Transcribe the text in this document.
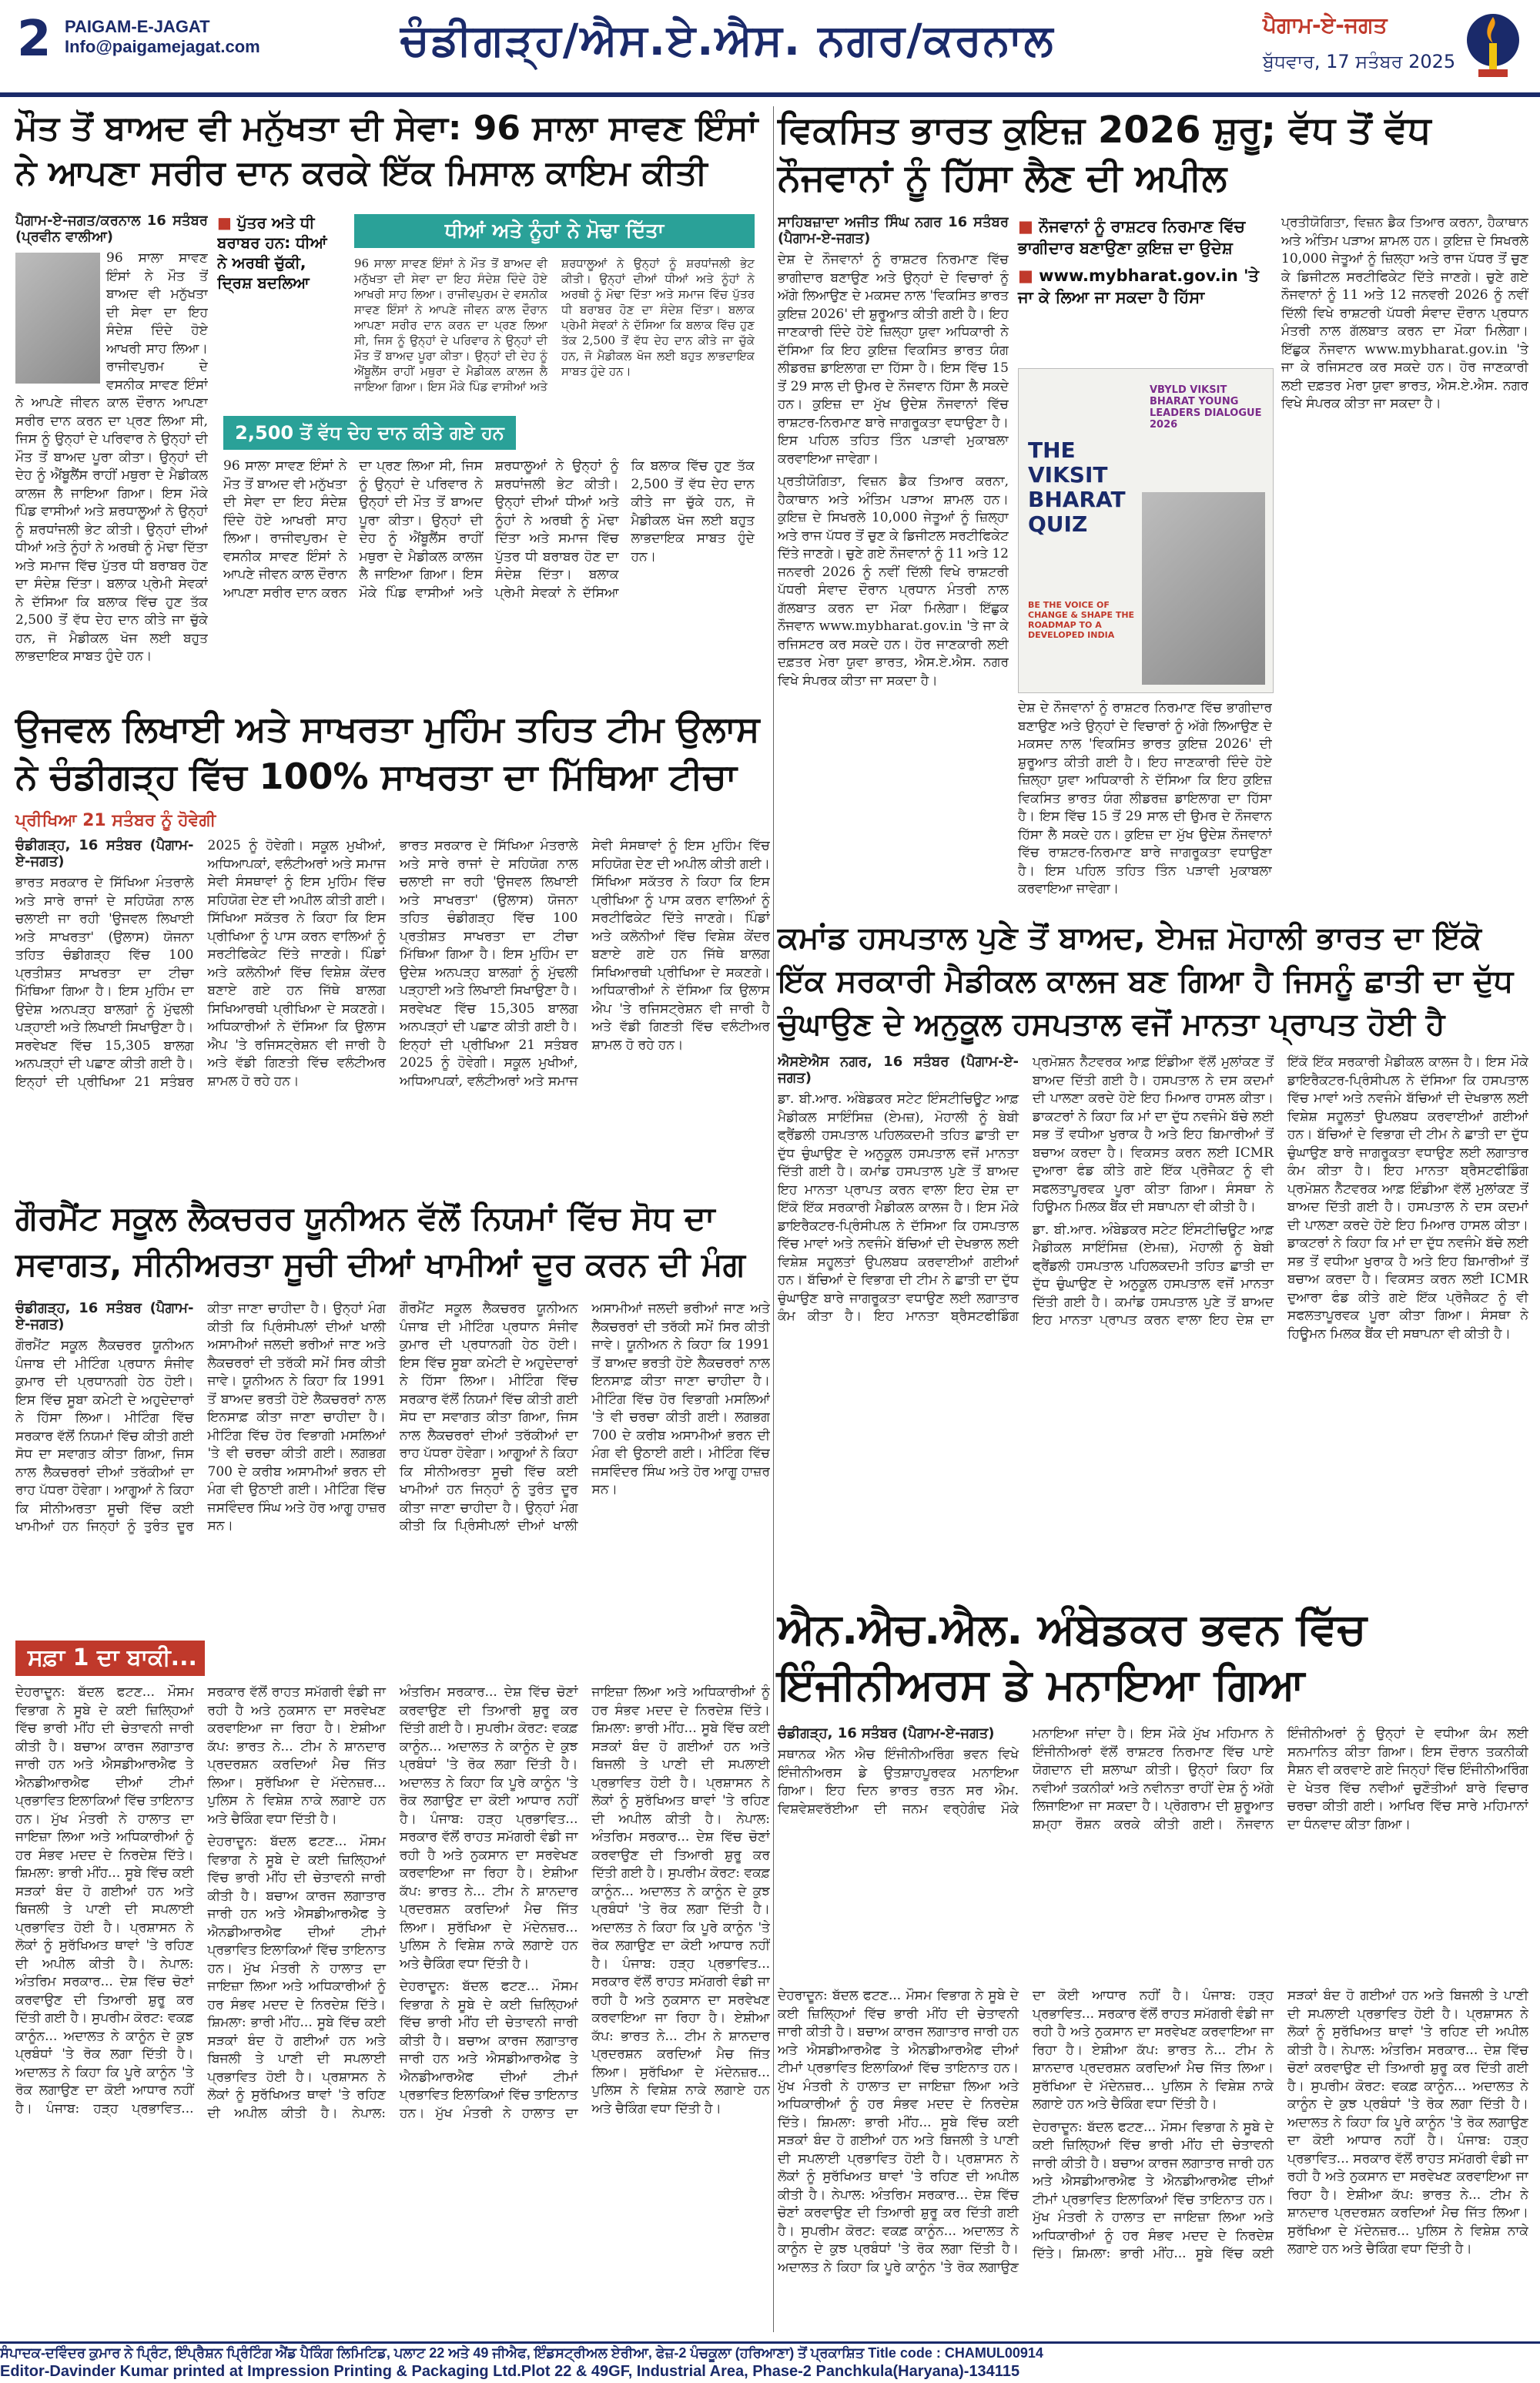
2 PAIGAM-E-JAGAT
Info@paigamejagat.com	ਚੰਡੀਗੜ੍ਹ/ਐਸ.ਏ.ਐਸ. ਨਗਰ/ਕਰਨਾਲ	ਪੈਗਾਮ-ਏ-ਜਗਤ
ਬੁੱਧਵਾਰ, 17 ਸਤੰਬਰ 2025
ਮੌਤ ਤੋਂ ਬਾਅਦ ਵੀ ਮਨੁੱਖਤਾ ਦੀ ਸੇਵਾ: 96 ਸਾਲਾ ਸਾਵਣ ਇੰਸਾਂ ਨੇ ਆਪਣਾ ਸਰੀਰ ਦਾਨ ਕਰਕੇ ਇੱਕ ਮਿਸਾਲ ਕਾਇਮ ਕੀਤੀ

ਪੈਗਾਮ-ਏ-ਜਗਤ/ਕਰਨਾਲ 16 ਸਤੰਬਰ (ਪ੍ਰਵੀਨ ਵਾਲੀਆ)

96 ਸਾਲਾ ਸਾਵਣ ਇੰਸਾਂ ਨੇ ਮੌਤ ਤੋਂ ਬਾਅਦ ਵੀ ਮਨੁੱਖਤਾ ਦੀ ਸੇਵਾ ਦਾ ਇਹ ਸੰਦੇਸ਼ ਦਿੰਦੇ ਹੋਏ ਆਖਰੀ ਸਾਹ ਲਿਆ। ਰਾਜੀਵਪੁਰਮ ਦੇ ਵਸਨੀਕ ਸਾਵਣ ਇੰਸਾਂ ਨੇ ਆਪਣੇ ਜੀਵਨ ਕਾਲ ਦੌਰਾਨ ਆਪਣਾ ਸਰੀਰ ਦਾਨ ਕਰਨ ਦਾ ਪ੍ਰਣ ਲਿਆ ਸੀ, ਜਿਸ ਨੂੰ ਉਨ੍ਹਾਂ ਦੇ ਪਰਿਵਾਰ ਨੇ ਉਨ੍ਹਾਂ ਦੀ ਮੌਤ ਤੋਂ ਬਾਅਦ ਪੂਰਾ ਕੀਤਾ। ਉਨ੍ਹਾਂ ਦੀ ਦੇਹ ਨੂੰ ਐਂਬੂਲੈਂਸ ਰਾਹੀਂ ਮਥੁਰਾ ਦੇ ਮੈਡੀਕਲ ਕਾਲਜ ਲੈ ਜਾਇਆ ਗਿਆ। ਇਸ ਮੌਕੇ ਪਿੰਡ ਵਾਸੀਆਂ ਅਤੇ ਸ਼ਰਧਾਲੂਆਂ ਨੇ ਉਨ੍ਹਾਂ ਨੂੰ ਸ਼ਰਧਾਂਜਲੀ ਭੇਟ ਕੀਤੀ। ਉਨ੍ਹਾਂ ਦੀਆਂ ਧੀਆਂ ਅਤੇ ਨੂੰਹਾਂ ਨੇ ਅਰਥੀ ਨੂੰ ਮੋਢਾ ਦਿੱਤਾ ਅਤੇ ਸਮਾਜ ਵਿੱਚ ਪੁੱਤਰ ਧੀ ਬਰਾਬਰ ਹੋਣ ਦਾ ਸੰਦੇਸ਼ ਦਿੱਤਾ। ਬਲਾਕ ਪ੍ਰੇਮੀ ਸੇਵਕਾਂ ਨੇ ਦੱਸਿਆ ਕਿ ਬਲਾਕ ਵਿੱਚ ਹੁਣ ਤੱਕ 2,500 ਤੋਂ ਵੱਧ ਦੇਹ ਦਾਨ ਕੀਤੇ ਜਾ ਚੁੱਕੇ ਹਨ, ਜੋ ਮੈਡੀਕਲ ਖੋਜ ਲਈ ਬਹੁਤ ਲਾਭਦਾਇਕ ਸਾਬਤ ਹੁੰਦੇ ਹਨ।

■ ਪੁੱਤਰ ਅਤੇ ਧੀ ਬਰਾਬਰ ਹਨ: ਧੀਆਂ ਨੇ ਅਰਥੀ ਚੁੱਕੀ, ਦ੍ਰਿਸ਼ ਬਦਲਿਆ
ਧੀਆਂ ਅਤੇ ਨੂੰਹਾਂ ਨੇ ਮੋਢਾ ਦਿੱਤਾ
96 ਸਾਲਾ ਸਾਵਣ ਇੰਸਾਂ ਨੇ ਮੌਤ ਤੋਂ ਬਾਅਦ ਵੀ ਮਨੁੱਖਤਾ ਦੀ ਸੇਵਾ ਦਾ ਇਹ ਸੰਦੇਸ਼ ਦਿੰਦੇ ਹੋਏ ਆਖਰੀ ਸਾਹ ਲਿਆ। ਰਾਜੀਵਪੁਰਮ ਦੇ ਵਸਨੀਕ ਸਾਵਣ ਇੰਸਾਂ ਨੇ ਆਪਣੇ ਜੀਵਨ ਕਾਲ ਦੌਰਾਨ ਆਪਣਾ ਸਰੀਰ ਦਾਨ ਕਰਨ ਦਾ ਪ੍ਰਣ ਲਿਆ ਸੀ, ਜਿਸ ਨੂੰ ਉਨ੍ਹਾਂ ਦੇ ਪਰਿਵਾਰ ਨੇ ਉਨ੍ਹਾਂ ਦੀ ਮੌਤ ਤੋਂ ਬਾਅਦ ਪੂਰਾ ਕੀਤਾ। ਉਨ੍ਹਾਂ ਦੀ ਦੇਹ ਨੂੰ ਐਂਬੂਲੈਂਸ ਰਾਹੀਂ ਮਥੁਰਾ ਦੇ ਮੈਡੀਕਲ ਕਾਲਜ ਲੈ ਜਾਇਆ ਗਿਆ। ਇਸ ਮੌਕੇ ਪਿੰਡ ਵਾਸੀਆਂ ਅਤੇ ਸ਼ਰਧਾਲੂਆਂ ਨੇ ਉਨ੍ਹਾਂ ਨੂੰ ਸ਼ਰਧਾਂਜਲੀ ਭੇਟ ਕੀਤੀ। ਉਨ੍ਹਾਂ ਦੀਆਂ ਧੀਆਂ ਅਤੇ ਨੂੰਹਾਂ ਨੇ ਅਰਥੀ ਨੂੰ ਮੋਢਾ ਦਿੱਤਾ ਅਤੇ ਸਮਾਜ ਵਿੱਚ ਪੁੱਤਰ ਧੀ ਬਰਾਬਰ ਹੋਣ ਦਾ ਸੰਦੇਸ਼ ਦਿੱਤਾ। ਬਲਾਕ ਪ੍ਰੇਮੀ ਸੇਵਕਾਂ ਨੇ ਦੱਸਿਆ ਕਿ ਬਲਾਕ ਵਿੱਚ ਹੁਣ ਤੱਕ 2,500 ਤੋਂ ਵੱਧ ਦੇਹ ਦਾਨ ਕੀਤੇ ਜਾ ਚੁੱਕੇ ਹਨ, ਜੋ ਮੈਡੀਕਲ ਖੋਜ ਲਈ ਬਹੁਤ ਲਾਭਦਾਇਕ ਸਾਬਤ ਹੁੰਦੇ ਹਨ।
2,500 ਤੋਂ ਵੱਧ ਦੇਹ ਦਾਨ ਕੀਤੇ ਗਏ ਹਨ
96 ਸਾਲਾ ਸਾਵਣ ਇੰਸਾਂ ਨੇ ਮੌਤ ਤੋਂ ਬਾਅਦ ਵੀ ਮਨੁੱਖਤਾ ਦੀ ਸੇਵਾ ਦਾ ਇਹ ਸੰਦੇਸ਼ ਦਿੰਦੇ ਹੋਏ ਆਖਰੀ ਸਾਹ ਲਿਆ। ਰਾਜੀਵਪੁਰਮ ਦੇ ਵਸਨੀਕ ਸਾਵਣ ਇੰਸਾਂ ਨੇ ਆਪਣੇ ਜੀਵਨ ਕਾਲ ਦੌਰਾਨ ਆਪਣਾ ਸਰੀਰ ਦਾਨ ਕਰਨ ਦਾ ਪ੍ਰਣ ਲਿਆ ਸੀ, ਜਿਸ ਨੂੰ ਉਨ੍ਹਾਂ ਦੇ ਪਰਿਵਾਰ ਨੇ ਉਨ੍ਹਾਂ ਦੀ ਮੌਤ ਤੋਂ ਬਾਅਦ ਪੂਰਾ ਕੀਤਾ। ਉਨ੍ਹਾਂ ਦੀ ਦੇਹ ਨੂੰ ਐਂਬੂਲੈਂਸ ਰਾਹੀਂ ਮਥੁਰਾ ਦੇ ਮੈਡੀਕਲ ਕਾਲਜ ਲੈ ਜਾਇਆ ਗਿਆ। ਇਸ ਮੌਕੇ ਪਿੰਡ ਵਾਸੀਆਂ ਅਤੇ ਸ਼ਰਧਾਲੂਆਂ ਨੇ ਉਨ੍ਹਾਂ ਨੂੰ ਸ਼ਰਧਾਂਜਲੀ ਭੇਟ ਕੀਤੀ। ਉਨ੍ਹਾਂ ਦੀਆਂ ਧੀਆਂ ਅਤੇ ਨੂੰਹਾਂ ਨੇ ਅਰਥੀ ਨੂੰ ਮੋਢਾ ਦਿੱਤਾ ਅਤੇ ਸਮਾਜ ਵਿੱਚ ਪੁੱਤਰ ਧੀ ਬਰਾਬਰ ਹੋਣ ਦਾ ਸੰਦੇਸ਼ ਦਿੱਤਾ। ਬਲਾਕ ਪ੍ਰੇਮੀ ਸੇਵਕਾਂ ਨੇ ਦੱਸਿਆ ਕਿ ਬਲਾਕ ਵਿੱਚ ਹੁਣ ਤੱਕ 2,500 ਤੋਂ ਵੱਧ ਦੇਹ ਦਾਨ ਕੀਤੇ ਜਾ ਚੁੱਕੇ ਹਨ, ਜੋ ਮੈਡੀਕਲ ਖੋਜ ਲਈ ਬਹੁਤ ਲਾਭਦਾਇਕ ਸਾਬਤ ਹੁੰਦੇ ਹਨ।
ਵਿਕਸਿਤ ਭਾਰਤ ਕੁਇਜ਼ 2026 ਸ਼ੁਰੂ; ਵੱਧ ਤੋਂ ਵੱਧ ਨੌਜਵਾਨਾਂ ਨੂੰ ਹਿੱਸਾ ਲੈਣ ਦੀ ਅਪੀਲ

ਸਾਹਿਬਜ਼ਾਦਾ ਅਜੀਤ ਸਿੰਘ ਨਗਰ 16 ਸਤੰਬਰ (ਪੈਗਾਮ-ਏ-ਜਗਤ)

ਦੇਸ਼ ਦੇ ਨੌਜਵਾਨਾਂ ਨੂੰ ਰਾਸ਼ਟਰ ਨਿਰਮਾਣ ਵਿੱਚ ਭਾਗੀਦਾਰ ਬਣਾਉਣ ਅਤੇ ਉਨ੍ਹਾਂ ਦੇ ਵਿਚਾਰਾਂ ਨੂੰ ਅੱਗੇ ਲਿਆਉਣ ਦੇ ਮਕਸਦ ਨਾਲ 'ਵਿਕਸਿਤ ਭਾਰਤ ਕੁਇਜ਼ 2026' ਦੀ ਸ਼ੁਰੂਆਤ ਕੀਤੀ ਗਈ ਹੈ। ਇਹ ਜਾਣਕਾਰੀ ਦਿੰਦੇ ਹੋਏ ਜ਼ਿਲ੍ਹਾ ਯੁਵਾ ਅਧਿਕਾਰੀ ਨੇ ਦੱਸਿਆ ਕਿ ਇਹ ਕੁਇਜ਼ ਵਿਕਸਿਤ ਭਾਰਤ ਯੰਗ ਲੀਡਰਜ਼ ਡਾਇਲਾਗ ਦਾ ਹਿੱਸਾ ਹੈ। ਇਸ ਵਿੱਚ 15 ਤੋਂ 29 ਸਾਲ ਦੀ ਉਮਰ ਦੇ ਨੌਜਵਾਨ ਹਿੱਸਾ ਲੈ ਸਕਦੇ ਹਨ। ਕੁਇਜ਼ ਦਾ ਮੁੱਖ ਉਦੇਸ਼ ਨੌਜਵਾਨਾਂ ਵਿੱਚ ਰਾਸ਼ਟਰ-ਨਿਰਮਾਣ ਬਾਰੇ ਜਾਗਰੂਕਤਾ ਵਧਾਉਣਾ ਹੈ। ਇਸ ਪਹਿਲ ਤਹਿਤ ਤਿੰਨ ਪੜਾਵੀ ਮੁਕਾਬਲਾ ਕਰਵਾਇਆ ਜਾਵੇਗਾ।

ਪ੍ਰਤੀਯੋਗਿਤਾ, ਵਿਜ਼ਨ ਡੈਕ ਤਿਆਰ ਕਰਨਾ, ਹੈਕਾਥਾਨ ਅਤੇ ਅੰਤਿਮ ਪੜਾਅ ਸ਼ਾਮਲ ਹਨ। ਕੁਇਜ਼ ਦੇ ਸਿਖਰਲੇ 10,000 ਜੇਤੂਆਂ ਨੂੰ ਜ਼ਿਲ੍ਹਾ ਅਤੇ ਰਾਜ ਪੱਧਰ ਤੋਂ ਚੁਣ ਕੇ ਡਿਜੀਟਲ ਸਰਟੀਫਿਕੇਟ ਦਿੱਤੇ ਜਾਣਗੇ। ਚੁਣੇ ਗਏ ਨੌਜਵਾਨਾਂ ਨੂੰ 11 ਅਤੇ 12 ਜਨਵਰੀ 2026 ਨੂੰ ਨਵੀਂ ਦਿੱਲੀ ਵਿਖੇ ਰਾਸ਼ਟਰੀ ਪੱਧਰੀ ਸੰਵਾਦ ਦੌਰਾਨ ਪ੍ਰਧਾਨ ਮੰਤਰੀ ਨਾਲ ਗੱਲਬਾਤ ਕਰਨ ਦਾ ਮੌਕਾ ਮਿਲੇਗਾ। ਇੱਛੁਕ ਨੌਜਵਾਨ www.mybharat.gov.in 'ਤੇ ਜਾ ਕੇ ਰਜਿਸਟਰ ਕਰ ਸਕਦੇ ਹਨ। ਹੋਰ ਜਾਣਕਾਰੀ ਲਈ ਦਫ਼ਤਰ ਮੇਰਾ ਯੁਵਾ ਭਾਰਤ, ਐਸ.ਏ.ਐਸ. ਨਗਰ ਵਿਖੇ ਸੰਪਰਕ ਕੀਤਾ ਜਾ ਸਕਦਾ ਹੈ।

■ ਨੌਜਵਾਨਾਂ ਨੂੰ ਰਾਸ਼ਟਰ ਨਿਰਮਾਣ ਵਿੱਚ ਭਾਗੀਦਾਰ ਬਣਾਉਣਾ ਕੁਇਜ਼ ਦਾ ਉਦੇਸ਼
■ www.mybharat.gov.in 'ਤੇ ਜਾ ਕੇ ਲਿਆ ਜਾ ਸਕਦਾ ਹੈ ਹਿੱਸਾ
VBYLD VIKSIT BHARAT YOUNG LEADERS DIALOGUE 2026
THE VIKSIT BHARAT QUIZ
BE THE VOICE OF CHANGE & SHAPE THE ROADMAP TO A DEVELOPED INDIA
ਦੇਸ਼ ਦੇ ਨੌਜਵਾਨਾਂ ਨੂੰ ਰਾਸ਼ਟਰ ਨਿਰਮਾਣ ਵਿੱਚ ਭਾਗੀਦਾਰ ਬਣਾਉਣ ਅਤੇ ਉਨ੍ਹਾਂ ਦੇ ਵਿਚਾਰਾਂ ਨੂੰ ਅੱਗੇ ਲਿਆਉਣ ਦੇ ਮਕਸਦ ਨਾਲ 'ਵਿਕਸਿਤ ਭਾਰਤ ਕੁਇਜ਼ 2026' ਦੀ ਸ਼ੁਰੂਆਤ ਕੀਤੀ ਗਈ ਹੈ। ਇਹ ਜਾਣਕਾਰੀ ਦਿੰਦੇ ਹੋਏ ਜ਼ਿਲ੍ਹਾ ਯੁਵਾ ਅਧਿਕਾਰੀ ਨੇ ਦੱਸਿਆ ਕਿ ਇਹ ਕੁਇਜ਼ ਵਿਕਸਿਤ ਭਾਰਤ ਯੰਗ ਲੀਡਰਜ਼ ਡਾਇਲਾਗ ਦਾ ਹਿੱਸਾ ਹੈ। ਇਸ ਵਿੱਚ 15 ਤੋਂ 29 ਸਾਲ ਦੀ ਉਮਰ ਦੇ ਨੌਜਵਾਨ ਹਿੱਸਾ ਲੈ ਸਕਦੇ ਹਨ। ਕੁਇਜ਼ ਦਾ ਮੁੱਖ ਉਦੇਸ਼ ਨੌਜਵਾਨਾਂ ਵਿੱਚ ਰਾਸ਼ਟਰ-ਨਿਰਮਾਣ ਬਾਰੇ ਜਾਗਰੂਕਤਾ ਵਧਾਉਣਾ ਹੈ। ਇਸ ਪਹਿਲ ਤਹਿਤ ਤਿੰਨ ਪੜਾਵੀ ਮੁਕਾਬਲਾ ਕਰਵਾਇਆ ਜਾਵੇਗਾ।
ਪ੍ਰਤੀਯੋਗਿਤਾ, ਵਿਜ਼ਨ ਡੈਕ ਤਿਆਰ ਕਰਨਾ, ਹੈਕਾਥਾਨ ਅਤੇ ਅੰਤਿਮ ਪੜਾਅ ਸ਼ਾਮਲ ਹਨ। ਕੁਇਜ਼ ਦੇ ਸਿਖਰਲੇ 10,000 ਜੇਤੂਆਂ ਨੂੰ ਜ਼ਿਲ੍ਹਾ ਅਤੇ ਰਾਜ ਪੱਧਰ ਤੋਂ ਚੁਣ ਕੇ ਡਿਜੀਟਲ ਸਰਟੀਫਿਕੇਟ ਦਿੱਤੇ ਜਾਣਗੇ। ਚੁਣੇ ਗਏ ਨੌਜਵਾਨਾਂ ਨੂੰ 11 ਅਤੇ 12 ਜਨਵਰੀ 2026 ਨੂੰ ਨਵੀਂ ਦਿੱਲੀ ਵਿਖੇ ਰਾਸ਼ਟਰੀ ਪੱਧਰੀ ਸੰਵਾਦ ਦੌਰਾਨ ਪ੍ਰਧਾਨ ਮੰਤਰੀ ਨਾਲ ਗੱਲਬਾਤ ਕਰਨ ਦਾ ਮੌਕਾ ਮਿਲੇਗਾ। ਇੱਛੁਕ ਨੌਜਵਾਨ www.mybharat.gov.in 'ਤੇ ਜਾ ਕੇ ਰਜਿਸਟਰ ਕਰ ਸਕਦੇ ਹਨ। ਹੋਰ ਜਾਣਕਾਰੀ ਲਈ ਦਫ਼ਤਰ ਮੇਰਾ ਯੁਵਾ ਭਾਰਤ, ਐਸ.ਏ.ਐਸ. ਨਗਰ ਵਿਖੇ ਸੰਪਰਕ ਕੀਤਾ ਜਾ ਸਕਦਾ ਹੈ।
ਉਜਵਲ ਲਿਖਾਈ ਅਤੇ ਸਾਖਰਤਾ ਮੁਹਿੰਮ ਤਹਿਤ ਟੀਮ ਉਲਾਸ ਨੇ ਚੰਡੀਗੜ੍ਹ ਵਿੱਚ 100% ਸਾਖਰਤਾ ਦਾ ਮਿੱਥਿਆ ਟੀਚਾ
ਪ੍ਰੀਖਿਆ 21 ਸਤੰਬਰ ਨੂੰ ਹੋਵੇਗੀ

ਚੰਡੀਗੜ੍ਹ, 16 ਸਤੰਬਰ (ਪੈਗਾਮ-ਏ-ਜਗਤ)

ਭਾਰਤ ਸਰਕਾਰ ਦੇ ਸਿੱਖਿਆ ਮੰਤਰਾਲੇ ਅਤੇ ਸਾਰੇ ਰਾਜਾਂ ਦੇ ਸਹਿਯੋਗ ਨਾਲ ਚਲਾਈ ਜਾ ਰਹੀ 'ਉਜਵਲ ਲਿਖਾਈ ਅਤੇ ਸਾਖਰਤਾ' (ਉਲਾਸ) ਯੋਜਨਾ ਤਹਿਤ ਚੰਡੀਗੜ੍ਹ ਵਿੱਚ 100 ਪ੍ਰਤੀਸ਼ਤ ਸਾਖਰਤਾ ਦਾ ਟੀਚਾ ਮਿੱਥਿਆ ਗਿਆ ਹੈ। ਇਸ ਮੁਹਿੰਮ ਦਾ ਉਦੇਸ਼ ਅਨਪੜ੍ਹ ਬਾਲਗਾਂ ਨੂੰ ਮੁੱਢਲੀ ਪੜ੍ਹਾਈ ਅਤੇ ਲਿਖਾਈ ਸਿਖਾਉਣਾ ਹੈ। ਸਰਵੇਖਣ ਵਿੱਚ 15,305 ਬਾਲਗ ਅਨਪੜ੍ਹਾਂ ਦੀ ਪਛਾਣ ਕੀਤੀ ਗਈ ਹੈ। ਇਨ੍ਹਾਂ ਦੀ ਪ੍ਰੀਖਿਆ 21 ਸਤੰਬਰ 2025 ਨੂੰ ਹੋਵੇਗੀ। ਸਕੂਲ ਮੁਖੀਆਂ, ਅਧਿਆਪਕਾਂ, ਵਲੰਟੀਅਰਾਂ ਅਤੇ ਸਮਾਜ ਸੇਵੀ ਸੰਸਥਾਵਾਂ ਨੂੰ ਇਸ ਮੁਹਿੰਮ ਵਿੱਚ ਸਹਿਯੋਗ ਦੇਣ ਦੀ ਅਪੀਲ ਕੀਤੀ ਗਈ। ਸਿੱਖਿਆ ਸਕੱਤਰ ਨੇ ਕਿਹਾ ਕਿ ਇਸ ਪ੍ਰੀਖਿਆ ਨੂੰ ਪਾਸ ਕਰਨ ਵਾਲਿਆਂ ਨੂੰ ਸਰਟੀਫਿਕੇਟ ਦਿੱਤੇ ਜਾਣਗੇ। ਪਿੰਡਾਂ ਅਤੇ ਕਲੋਨੀਆਂ ਵਿੱਚ ਵਿਸ਼ੇਸ਼ ਕੇਂਦਰ ਬਣਾਏ ਗਏ ਹਨ ਜਿੱਥੇ ਬਾਲਗ ਸਿਖਿਆਰਥੀ ਪ੍ਰੀਖਿਆ ਦੇ ਸਕਣਗੇ। ਅਧਿਕਾਰੀਆਂ ਨੇ ਦੱਸਿਆ ਕਿ ਉਲਾਸ ਐਪ 'ਤੇ ਰਜਿਸਟ੍ਰੇਸ਼ਨ ਵੀ ਜਾਰੀ ਹੈ ਅਤੇ ਵੱਡੀ ਗਿਣਤੀ ਵਿੱਚ ਵਲੰਟੀਅਰ ਸ਼ਾਮਲ ਹੋ ਰਹੇ ਹਨ।

ਭਾਰਤ ਸਰਕਾਰ ਦੇ ਸਿੱਖਿਆ ਮੰਤਰਾਲੇ ਅਤੇ ਸਾਰੇ ਰਾਜਾਂ ਦੇ ਸਹਿਯੋਗ ਨਾਲ ਚਲਾਈ ਜਾ ਰਹੀ 'ਉਜਵਲ ਲਿਖਾਈ ਅਤੇ ਸਾਖਰਤਾ' (ਉਲਾਸ) ਯੋਜਨਾ ਤਹਿਤ ਚੰਡੀਗੜ੍ਹ ਵਿੱਚ 100 ਪ੍ਰਤੀਸ਼ਤ ਸਾਖਰਤਾ ਦਾ ਟੀਚਾ ਮਿੱਥਿਆ ਗਿਆ ਹੈ। ਇਸ ਮੁਹਿੰਮ ਦਾ ਉਦੇਸ਼ ਅਨਪੜ੍ਹ ਬਾਲਗਾਂ ਨੂੰ ਮੁੱਢਲੀ ਪੜ੍ਹਾਈ ਅਤੇ ਲਿਖਾਈ ਸਿਖਾਉਣਾ ਹੈ। ਸਰਵੇਖਣ ਵਿੱਚ 15,305 ਬਾਲਗ ਅਨਪੜ੍ਹਾਂ ਦੀ ਪਛਾਣ ਕੀਤੀ ਗਈ ਹੈ। ਇਨ੍ਹਾਂ ਦੀ ਪ੍ਰੀਖਿਆ 21 ਸਤੰਬਰ 2025 ਨੂੰ ਹੋਵੇਗੀ। ਸਕੂਲ ਮੁਖੀਆਂ, ਅਧਿਆਪਕਾਂ, ਵਲੰਟੀਅਰਾਂ ਅਤੇ ਸਮਾਜ ਸੇਵੀ ਸੰਸਥਾਵਾਂ ਨੂੰ ਇਸ ਮੁਹਿੰਮ ਵਿੱਚ ਸਹਿਯੋਗ ਦੇਣ ਦੀ ਅਪੀਲ ਕੀਤੀ ਗਈ। ਸਿੱਖਿਆ ਸਕੱਤਰ ਨੇ ਕਿਹਾ ਕਿ ਇਸ ਪ੍ਰੀਖਿਆ ਨੂੰ ਪਾਸ ਕਰਨ ਵਾਲਿਆਂ ਨੂੰ ਸਰਟੀਫਿਕੇਟ ਦਿੱਤੇ ਜਾਣਗੇ। ਪਿੰਡਾਂ ਅਤੇ ਕਲੋਨੀਆਂ ਵਿੱਚ ਵਿਸ਼ੇਸ਼ ਕੇਂਦਰ ਬਣਾਏ ਗਏ ਹਨ ਜਿੱਥੇ ਬਾਲਗ ਸਿਖਿਆਰਥੀ ਪ੍ਰੀਖਿਆ ਦੇ ਸਕਣਗੇ। ਅਧਿਕਾਰੀਆਂ ਨੇ ਦੱਸਿਆ ਕਿ ਉਲਾਸ ਐਪ 'ਤੇ ਰਜਿਸਟ੍ਰੇਸ਼ਨ ਵੀ ਜਾਰੀ ਹੈ ਅਤੇ ਵੱਡੀ ਗਿਣਤੀ ਵਿੱਚ ਵਲੰਟੀਅਰ ਸ਼ਾਮਲ ਹੋ ਰਹੇ ਹਨ।

ਕਮਾਂਡ ਹਸਪਤਾਲ ਪੁਣੇ ਤੋਂ ਬਾਅਦ, ਏਮਜ਼ ਮੋਹਾਲੀ ਭਾਰਤ ਦਾ ਇੱਕੋ ਇੱਕ ਸਰਕਾਰੀ ਮੈਡੀਕਲ ਕਾਲਜ ਬਣ ਗਿਆ ਹੈ ਜਿਸਨੂੰ ਛਾਤੀ ਦਾ ਦੁੱਧ ਚੁੰਘਾਉਣ ਦੇ ਅਨੁਕੂਲ ਹਸਪਤਾਲ ਵਜੋਂ ਮਾਨਤਾ ਪ੍ਰਾਪਤ ਹੋਈ ਹੈ

ਐਸਏਐਸ ਨਗਰ, 16 ਸਤੰਬਰ (ਪੈਗਾਮ-ਏ-ਜਗਤ)

ਡਾ. ਬੀ.ਆਰ. ਅੰਬੇਡਕਰ ਸਟੇਟ ਇੰਸਟੀਚਿਊਟ ਆਫ਼ ਮੈਡੀਕਲ ਸਾਇੰਸਿਜ਼ (ਏਮਜ਼), ਮੋਹਾਲੀ ਨੂੰ ਬੇਬੀ ਫ੍ਰੈਂਡਲੀ ਹਸਪਤਾਲ ਪਹਿਲਕਦਮੀ ਤਹਿਤ ਛਾਤੀ ਦਾ ਦੁੱਧ ਚੁੰਘਾਉਣ ਦੇ ਅਨੁਕੂਲ ਹਸਪਤਾਲ ਵਜੋਂ ਮਾਨਤਾ ਦਿੱਤੀ ਗਈ ਹੈ। ਕਮਾਂਡ ਹਸਪਤਾਲ ਪੁਣੇ ਤੋਂ ਬਾਅਦ ਇਹ ਮਾਨਤਾ ਪ੍ਰਾਪਤ ਕਰਨ ਵਾਲਾ ਇਹ ਦੇਸ਼ ਦਾ ਇੱਕੋ ਇੱਕ ਸਰਕਾਰੀ ਮੈਡੀਕਲ ਕਾਲਜ ਹੈ। ਇਸ ਮੌਕੇ ਡਾਇਰੈਕਟਰ-ਪ੍ਰਿੰਸੀਪਲ ਨੇ ਦੱਸਿਆ ਕਿ ਹਸਪਤਾਲ ਵਿੱਚ ਮਾਵਾਂ ਅਤੇ ਨਵਜੰਮੇ ਬੱਚਿਆਂ ਦੀ ਦੇਖਭਾਲ ਲਈ ਵਿਸ਼ੇਸ਼ ਸਹੂਲਤਾਂ ਉਪਲਬਧ ਕਰਵਾਈਆਂ ਗਈਆਂ ਹਨ। ਬੱਚਿਆਂ ਦੇ ਵਿਭਾਗ ਦੀ ਟੀਮ ਨੇ ਛਾਤੀ ਦਾ ਦੁੱਧ ਚੁੰਘਾਉਣ ਬਾਰੇ ਜਾਗਰੂਕਤਾ ਵਧਾਉਣ ਲਈ ਲਗਾਤਾਰ ਕੰਮ ਕੀਤਾ ਹੈ। ਇਹ ਮਾਨਤਾ ਬ੍ਰੈਸਟਫੀਡਿੰਗ ਪ੍ਰਮੋਸ਼ਨ ਨੈੱਟਵਰਕ ਆਫ਼ ਇੰਡੀਆ ਵੱਲੋਂ ਮੁਲਾਂਕਣ ਤੋਂ ਬਾਅਦ ਦਿੱਤੀ ਗਈ ਹੈ। ਹਸਪਤਾਲ ਨੇ ਦਸ ਕਦਮਾਂ ਦੀ ਪਾਲਣਾ ਕਰਦੇ ਹੋਏ ਇਹ ਮਿਆਰ ਹਾਸਲ ਕੀਤਾ। ਡਾਕਟਰਾਂ ਨੇ ਕਿਹਾ ਕਿ ਮਾਂ ਦਾ ਦੁੱਧ ਨਵਜੰਮੇ ਬੱਚੇ ਲਈ ਸਭ ਤੋਂ ਵਧੀਆ ਖੁਰਾਕ ਹੈ ਅਤੇ ਇਹ ਬਿਮਾਰੀਆਂ ਤੋਂ ਬਚਾਅ ਕਰਦਾ ਹੈ। ਵਿਕਸਤ ਕਰਨ ਲਈ ICMR ਦੁਆਰਾ ਫੰਡ ਕੀਤੇ ਗਏ ਇੱਕ ਪ੍ਰੋਜੈਕਟ ਨੂੰ ਵੀ ਸਫਲਤਾਪੂਰਵਕ ਪੂਰਾ ਕੀਤਾ ਗਿਆ। ਸੰਸਥਾ ਨੇ ਹਿਊਮਨ ਮਿਲਕ ਬੈਂਕ ਦੀ ਸਥਾਪਨਾ ਵੀ ਕੀਤੀ ਹੈ।

ਡਾ. ਬੀ.ਆਰ. ਅੰਬੇਡਕਰ ਸਟੇਟ ਇੰਸਟੀਚਿਊਟ ਆਫ਼ ਮੈਡੀਕਲ ਸਾਇੰਸਿਜ਼ (ਏਮਜ਼), ਮੋਹਾਲੀ ਨੂੰ ਬੇਬੀ ਫ੍ਰੈਂਡਲੀ ਹਸਪਤਾਲ ਪਹਿਲਕਦਮੀ ਤਹਿਤ ਛਾਤੀ ਦਾ ਦੁੱਧ ਚੁੰਘਾਉਣ ਦੇ ਅਨੁਕੂਲ ਹਸਪਤਾਲ ਵਜੋਂ ਮਾਨਤਾ ਦਿੱਤੀ ਗਈ ਹੈ। ਕਮਾਂਡ ਹਸਪਤਾਲ ਪੁਣੇ ਤੋਂ ਬਾਅਦ ਇਹ ਮਾਨਤਾ ਪ੍ਰਾਪਤ ਕਰਨ ਵਾਲਾ ਇਹ ਦੇਸ਼ ਦਾ ਇੱਕੋ ਇੱਕ ਸਰਕਾਰੀ ਮੈਡੀਕਲ ਕਾਲਜ ਹੈ। ਇਸ ਮੌਕੇ ਡਾਇਰੈਕਟਰ-ਪ੍ਰਿੰਸੀਪਲ ਨੇ ਦੱਸਿਆ ਕਿ ਹਸਪਤਾਲ ਵਿੱਚ ਮਾਵਾਂ ਅਤੇ ਨਵਜੰਮੇ ਬੱਚਿਆਂ ਦੀ ਦੇਖਭਾਲ ਲਈ ਵਿਸ਼ੇਸ਼ ਸਹੂਲਤਾਂ ਉਪਲਬਧ ਕਰਵਾਈਆਂ ਗਈਆਂ ਹਨ। ਬੱਚਿਆਂ ਦੇ ਵਿਭਾਗ ਦੀ ਟੀਮ ਨੇ ਛਾਤੀ ਦਾ ਦੁੱਧ ਚੁੰਘਾਉਣ ਬਾਰੇ ਜਾਗਰੂਕਤਾ ਵਧਾਉਣ ਲਈ ਲਗਾਤਾਰ ਕੰਮ ਕੀਤਾ ਹੈ। ਇਹ ਮਾਨਤਾ ਬ੍ਰੈਸਟਫੀਡਿੰਗ ਪ੍ਰਮੋਸ਼ਨ ਨੈੱਟਵਰਕ ਆਫ਼ ਇੰਡੀਆ ਵੱਲੋਂ ਮੁਲਾਂਕਣ ਤੋਂ ਬਾਅਦ ਦਿੱਤੀ ਗਈ ਹੈ। ਹਸਪਤਾਲ ਨੇ ਦਸ ਕਦਮਾਂ ਦੀ ਪਾਲਣਾ ਕਰਦੇ ਹੋਏ ਇਹ ਮਿਆਰ ਹਾਸਲ ਕੀਤਾ। ਡਾਕਟਰਾਂ ਨੇ ਕਿਹਾ ਕਿ ਮਾਂ ਦਾ ਦੁੱਧ ਨਵਜੰਮੇ ਬੱਚੇ ਲਈ ਸਭ ਤੋਂ ਵਧੀਆ ਖੁਰਾਕ ਹੈ ਅਤੇ ਇਹ ਬਿਮਾਰੀਆਂ ਤੋਂ ਬਚਾਅ ਕਰਦਾ ਹੈ। ਵਿਕਸਤ ਕਰਨ ਲਈ ICMR ਦੁਆਰਾ ਫੰਡ ਕੀਤੇ ਗਏ ਇੱਕ ਪ੍ਰੋਜੈਕਟ ਨੂੰ ਵੀ ਸਫਲਤਾਪੂਰਵਕ ਪੂਰਾ ਕੀਤਾ ਗਿਆ। ਸੰਸਥਾ ਨੇ ਹਿਊਮਨ ਮਿਲਕ ਬੈਂਕ ਦੀ ਸਥਾਪਨਾ ਵੀ ਕੀਤੀ ਹੈ।

ਗੌਰਮੈਂਟ ਸਕੂਲ ਲੈਕਚਰਰ ਯੂਨੀਅਨ ਵੱਲੋਂ ਨਿਯਮਾਂ ਵਿੱਚ ਸੋਧ ਦਾ ਸਵਾਗਤ, ਸੀਨੀਅਰਤਾ ਸੂਚੀ ਦੀਆਂ ਖਾਮੀਆਂ ਦੂਰ ਕਰਨ ਦੀ ਮੰਗ

ਚੰਡੀਗੜ੍ਹ, 16 ਸਤੰਬਰ (ਪੈਗਾਮ-ਏ-ਜਗਤ)

ਗੌਰਮੈਂਟ ਸਕੂਲ ਲੈਕਚਰਰ ਯੂਨੀਅਨ ਪੰਜਾਬ ਦੀ ਮੀਟਿੰਗ ਪ੍ਰਧਾਨ ਸੰਜੀਵ ਕੁਮਾਰ ਦੀ ਪ੍ਰਧਾਨਗੀ ਹੇਠ ਹੋਈ। ਇਸ ਵਿੱਚ ਸੂਬਾ ਕਮੇਟੀ ਦੇ ਅਹੁਦੇਦਾਰਾਂ ਨੇ ਹਿੱਸਾ ਲਿਆ। ਮੀਟਿੰਗ ਵਿੱਚ ਸਰਕਾਰ ਵੱਲੋਂ ਨਿਯਮਾਂ ਵਿੱਚ ਕੀਤੀ ਗਈ ਸੋਧ ਦਾ ਸਵਾਗਤ ਕੀਤਾ ਗਿਆ, ਜਿਸ ਨਾਲ ਲੈਕਚਰਰਾਂ ਦੀਆਂ ਤਰੱਕੀਆਂ ਦਾ ਰਾਹ ਪੱਧਰਾ ਹੋਵੇਗਾ। ਆਗੂਆਂ ਨੇ ਕਿਹਾ ਕਿ ਸੀਨੀਅਰਤਾ ਸੂਚੀ ਵਿੱਚ ਕਈ ਖਾਮੀਆਂ ਹਨ ਜਿਨ੍ਹਾਂ ਨੂੰ ਤੁਰੰਤ ਦੂਰ ਕੀਤਾ ਜਾਣਾ ਚਾਹੀਦਾ ਹੈ। ਉਨ੍ਹਾਂ ਮੰਗ ਕੀਤੀ ਕਿ ਪ੍ਰਿੰਸੀਪਲਾਂ ਦੀਆਂ ਖਾਲੀ ਅਸਾਮੀਆਂ ਜਲਦੀ ਭਰੀਆਂ ਜਾਣ ਅਤੇ ਲੈਕਚਰਰਾਂ ਦੀ ਤਰੱਕੀ ਸਮੇਂ ਸਿਰ ਕੀਤੀ ਜਾਵੇ। ਯੂਨੀਅਨ ਨੇ ਕਿਹਾ ਕਿ 1991 ਤੋਂ ਬਾਅਦ ਭਰਤੀ ਹੋਏ ਲੈਕਚਰਰਾਂ ਨਾਲ ਇਨਸਾਫ਼ ਕੀਤਾ ਜਾਣਾ ਚਾਹੀਦਾ ਹੈ। ਮੀਟਿੰਗ ਵਿੱਚ ਹੋਰ ਵਿਭਾਗੀ ਮਸਲਿਆਂ 'ਤੇ ਵੀ ਚਰਚਾ ਕੀਤੀ ਗਈ। ਲਗਭਗ 700 ਦੇ ਕਰੀਬ ਅਸਾਮੀਆਂ ਭਰਨ ਦੀ ਮੰਗ ਵੀ ਉਠਾਈ ਗਈ। ਮੀਟਿੰਗ ਵਿੱਚ ਜਸਵਿੰਦਰ ਸਿੰਘ ਅਤੇ ਹੋਰ ਆਗੂ ਹਾਜ਼ਰ ਸਨ।

ਗੌਰਮੈਂਟ ਸਕੂਲ ਲੈਕਚਰਰ ਯੂਨੀਅਨ ਪੰਜਾਬ ਦੀ ਮੀਟਿੰਗ ਪ੍ਰਧਾਨ ਸੰਜੀਵ ਕੁਮਾਰ ਦੀ ਪ੍ਰਧਾਨਗੀ ਹੇਠ ਹੋਈ। ਇਸ ਵਿੱਚ ਸੂਬਾ ਕਮੇਟੀ ਦੇ ਅਹੁਦੇਦਾਰਾਂ ਨੇ ਹਿੱਸਾ ਲਿਆ। ਮੀਟਿੰਗ ਵਿੱਚ ਸਰਕਾਰ ਵੱਲੋਂ ਨਿਯਮਾਂ ਵਿੱਚ ਕੀਤੀ ਗਈ ਸੋਧ ਦਾ ਸਵਾਗਤ ਕੀਤਾ ਗਿਆ, ਜਿਸ ਨਾਲ ਲੈਕਚਰਰਾਂ ਦੀਆਂ ਤਰੱਕੀਆਂ ਦਾ ਰਾਹ ਪੱਧਰਾ ਹੋਵੇਗਾ। ਆਗੂਆਂ ਨੇ ਕਿਹਾ ਕਿ ਸੀਨੀਅਰਤਾ ਸੂਚੀ ਵਿੱਚ ਕਈ ਖਾਮੀਆਂ ਹਨ ਜਿਨ੍ਹਾਂ ਨੂੰ ਤੁਰੰਤ ਦੂਰ ਕੀਤਾ ਜਾਣਾ ਚਾਹੀਦਾ ਹੈ। ਉਨ੍ਹਾਂ ਮੰਗ ਕੀਤੀ ਕਿ ਪ੍ਰਿੰਸੀਪਲਾਂ ਦੀਆਂ ਖਾਲੀ ਅਸਾਮੀਆਂ ਜਲਦੀ ਭਰੀਆਂ ਜਾਣ ਅਤੇ ਲੈਕਚਰਰਾਂ ਦੀ ਤਰੱਕੀ ਸਮੇਂ ਸਿਰ ਕੀਤੀ ਜਾਵੇ। ਯੂਨੀਅਨ ਨੇ ਕਿਹਾ ਕਿ 1991 ਤੋਂ ਬਾਅਦ ਭਰਤੀ ਹੋਏ ਲੈਕਚਰਰਾਂ ਨਾਲ ਇਨਸਾਫ਼ ਕੀਤਾ ਜਾਣਾ ਚਾਹੀਦਾ ਹੈ। ਮੀਟਿੰਗ ਵਿੱਚ ਹੋਰ ਵਿਭਾਗੀ ਮਸਲਿਆਂ 'ਤੇ ਵੀ ਚਰਚਾ ਕੀਤੀ ਗਈ। ਲਗਭਗ 700 ਦੇ ਕਰੀਬ ਅਸਾਮੀਆਂ ਭਰਨ ਦੀ ਮੰਗ ਵੀ ਉਠਾਈ ਗਈ। ਮੀਟਿੰਗ ਵਿੱਚ ਜਸਵਿੰਦਰ ਸਿੰਘ ਅਤੇ ਹੋਰ ਆਗੂ ਹਾਜ਼ਰ ਸਨ।

ਐਨ.ਐਚ.ਐਲ. ਅੰਬੇਡਕਰ ਭਵਨ ਵਿੱਚ ਇੰਜੀਨੀਅਰਸ ਡੇ ਮਨਾਇਆ ਗਿਆ

ਚੰਡੀਗੜ੍ਹ, 16 ਸਤੰਬਰ (ਪੈਗਾਮ-ਏ-ਜਗਤ)

ਸਥਾਨਕ ਐਨ ਐਚ ਇੰਜੀਨੀਅਰਿੰਗ ਭਵਨ ਵਿਖੇ ਇੰਜੀਨੀਅਰਸ ਡੇ ਉਤਸ਼ਾਹਪੂਰਵਕ ਮਨਾਇਆ ਗਿਆ। ਇਹ ਦਿਨ ਭਾਰਤ ਰਤਨ ਸਰ ਐਮ. ਵਿਸ਼ਵੇਸ਼ਵਰੱਈਆ ਦੀ ਜਨਮ ਵਰ੍ਹੇਗੰਢ ਮੌਕੇ ਮਨਾਇਆ ਜਾਂਦਾ ਹੈ। ਇਸ ਮੌਕੇ ਮੁੱਖ ਮਹਿਮਾਨ ਨੇ ਇੰਜੀਨੀਅਰਾਂ ਵੱਲੋਂ ਰਾਸ਼ਟਰ ਨਿਰਮਾਣ ਵਿੱਚ ਪਾਏ ਯੋਗਦਾਨ ਦੀ ਸ਼ਲਾਘਾ ਕੀਤੀ। ਉਨ੍ਹਾਂ ਕਿਹਾ ਕਿ ਨਵੀਆਂ ਤਕਨੀਕਾਂ ਅਤੇ ਨਵੀਨਤਾ ਰਾਹੀਂ ਦੇਸ਼ ਨੂੰ ਅੱਗੇ ਲਿਜਾਇਆ ਜਾ ਸਕਦਾ ਹੈ। ਪ੍ਰੋਗਰਾਮ ਦੀ ਸ਼ੁਰੂਆਤ ਸ਼ਮ੍ਹਾ ਰੌਸ਼ਨ ਕਰਕੇ ਕੀਤੀ ਗਈ। ਨੌਜਵਾਨ ਇੰਜੀਨੀਅਰਾਂ ਨੂੰ ਉਨ੍ਹਾਂ ਦੇ ਵਧੀਆ ਕੰਮ ਲਈ ਸਨਮਾਨਿਤ ਕੀਤਾ ਗਿਆ। ਇਸ ਦੌਰਾਨ ਤਕਨੀਕੀ ਸੈਸ਼ਨ ਵੀ ਕਰਵਾਏ ਗਏ ਜਿਨ੍ਹਾਂ ਵਿੱਚ ਇੰਜੀਨੀਅਰਿੰਗ ਦੇ ਖੇਤਰ ਵਿੱਚ ਨਵੀਆਂ ਚੁਣੌਤੀਆਂ ਬਾਰੇ ਵਿਚਾਰ ਚਰਚਾ ਕੀਤੀ ਗਈ। ਆਖਿਰ ਵਿੱਚ ਸਾਰੇ ਮਹਿਮਾਨਾਂ ਦਾ ਧੰਨਵਾਦ ਕੀਤਾ ਗਿਆ।

ਸਫ਼ਾ 1 ਦਾ ਬਾਕੀ...

ਦੇਹਰਾਦੂਨ: ਬੱਦਲ ਫਟਣ... ਮੌਸਮ ਵਿਭਾਗ ਨੇ ਸੂਬੇ ਦੇ ਕਈ ਜ਼ਿਲ੍ਹਿਆਂ ਵਿੱਚ ਭਾਰੀ ਮੀਂਹ ਦੀ ਚੇਤਾਵਨੀ ਜਾਰੀ ਕੀਤੀ ਹੈ। ਬਚਾਅ ਕਾਰਜ ਲਗਾਤਾਰ ਜਾਰੀ ਹਨ ਅਤੇ ਐਸਡੀਆਰਐਫ ਤੇ ਐਨਡੀਆਰਐਫ ਦੀਆਂ ਟੀਮਾਂ ਪ੍ਰਭਾਵਿਤ ਇਲਾਕਿਆਂ ਵਿੱਚ ਤਾਇਨਾਤ ਹਨ। ਮੁੱਖ ਮੰਤਰੀ ਨੇ ਹਾਲਾਤ ਦਾ ਜਾਇਜ਼ਾ ਲਿਆ ਅਤੇ ਅਧਿਕਾਰੀਆਂ ਨੂੰ ਹਰ ਸੰਭਵ ਮਦਦ ਦੇ ਨਿਰਦੇਸ਼ ਦਿੱਤੇ। ਸ਼ਿਮਲਾ: ਭਾਰੀ ਮੀਂਹ... ਸੂਬੇ ਵਿੱਚ ਕਈ ਸੜਕਾਂ ਬੰਦ ਹੋ ਗਈਆਂ ਹਨ ਅਤੇ ਬਿਜਲੀ ਤੇ ਪਾਣੀ ਦੀ ਸਪਲਾਈ ਪ੍ਰਭਾਵਿਤ ਹੋਈ ਹੈ। ਪ੍ਰਸ਼ਾਸਨ ਨੇ ਲੋਕਾਂ ਨੂੰ ਸੁਰੱਖਿਅਤ ਥਾਵਾਂ 'ਤੇ ਰਹਿਣ ਦੀ ਅਪੀਲ ਕੀਤੀ ਹੈ। ਨੇਪਾਲ: ਅੰਤਰਿਮ ਸਰਕਾਰ... ਦੇਸ਼ ਵਿੱਚ ਚੋਣਾਂ ਕਰਵਾਉਣ ਦੀ ਤਿਆਰੀ ਸ਼ੁਰੂ ਕਰ ਦਿੱਤੀ ਗਈ ਹੈ। ਸੁਪਰੀਮ ਕੋਰਟ: ਵਕਫ਼ ਕਾਨੂੰਨ... ਅਦਾਲਤ ਨੇ ਕਾਨੂੰਨ ਦੇ ਕੁਝ ਪ੍ਰਬੰਧਾਂ 'ਤੇ ਰੋਕ ਲਗਾ ਦਿੱਤੀ ਹੈ। ਅਦਾਲਤ ਨੇ ਕਿਹਾ ਕਿ ਪੂਰੇ ਕਾਨੂੰਨ 'ਤੇ ਰੋਕ ਲਗਾਉਣ ਦਾ ਕੋਈ ਆਧਾਰ ਨਹੀਂ ਹੈ। ਪੰਜਾਬ: ਹੜ੍ਹ ਪ੍ਰਭਾਵਿਤ... ਸਰਕਾਰ ਵੱਲੋਂ ਰਾਹਤ ਸਮੱਗਰੀ ਵੰਡੀ ਜਾ ਰਹੀ ਹੈ ਅਤੇ ਨੁਕਸਾਨ ਦਾ ਸਰਵੇਖਣ ਕਰਵਾਇਆ ਜਾ ਰਿਹਾ ਹੈ। ਏਸ਼ੀਆ ਕੱਪ: ਭਾਰਤ ਨੇ... ਟੀਮ ਨੇ ਸ਼ਾਨਦਾਰ ਪ੍ਰਦਰਸ਼ਨ ਕਰਦਿਆਂ ਮੈਚ ਜਿੱਤ ਲਿਆ। ਸੁਰੱਖਿਆ ਦੇ ਮੱਦੇਨਜ਼ਰ... ਪੁਲਿਸ ਨੇ ਵਿਸ਼ੇਸ਼ ਨਾਕੇ ਲਗਾਏ ਹਨ ਅਤੇ ਚੈਕਿੰਗ ਵਧਾ ਦਿੱਤੀ ਹੈ।

ਦੇਹਰਾਦੂਨ: ਬੱਦਲ ਫਟਣ... ਮੌਸਮ ਵਿਭਾਗ ਨੇ ਸੂਬੇ ਦੇ ਕਈ ਜ਼ਿਲ੍ਹਿਆਂ ਵਿੱਚ ਭਾਰੀ ਮੀਂਹ ਦੀ ਚੇਤਾਵਨੀ ਜਾਰੀ ਕੀਤੀ ਹੈ। ਬਚਾਅ ਕਾਰਜ ਲਗਾਤਾਰ ਜਾਰੀ ਹਨ ਅਤੇ ਐਸਡੀਆਰਐਫ ਤੇ ਐਨਡੀਆਰਐਫ ਦੀਆਂ ਟੀਮਾਂ ਪ੍ਰਭਾਵਿਤ ਇਲਾਕਿਆਂ ਵਿੱਚ ਤਾਇਨਾਤ ਹਨ। ਮੁੱਖ ਮੰਤਰੀ ਨੇ ਹਾਲਾਤ ਦਾ ਜਾਇਜ਼ਾ ਲਿਆ ਅਤੇ ਅਧਿਕਾਰੀਆਂ ਨੂੰ ਹਰ ਸੰਭਵ ਮਦਦ ਦੇ ਨਿਰਦੇਸ਼ ਦਿੱਤੇ। ਸ਼ਿਮਲਾ: ਭਾਰੀ ਮੀਂਹ... ਸੂਬੇ ਵਿੱਚ ਕਈ ਸੜਕਾਂ ਬੰਦ ਹੋ ਗਈਆਂ ਹਨ ਅਤੇ ਬਿਜਲੀ ਤੇ ਪਾਣੀ ਦੀ ਸਪਲਾਈ ਪ੍ਰਭਾਵਿਤ ਹੋਈ ਹੈ। ਪ੍ਰਸ਼ਾਸਨ ਨੇ ਲੋਕਾਂ ਨੂੰ ਸੁਰੱਖਿਅਤ ਥਾਵਾਂ 'ਤੇ ਰਹਿਣ ਦੀ ਅਪੀਲ ਕੀਤੀ ਹੈ। ਨੇਪਾਲ: ਅੰਤਰਿਮ ਸਰਕਾਰ... ਦੇਸ਼ ਵਿੱਚ ਚੋਣਾਂ ਕਰਵਾਉਣ ਦੀ ਤਿਆਰੀ ਸ਼ੁਰੂ ਕਰ ਦਿੱਤੀ ਗਈ ਹੈ। ਸੁਪਰੀਮ ਕੋਰਟ: ਵਕਫ਼ ਕਾਨੂੰਨ... ਅਦਾਲਤ ਨੇ ਕਾਨੂੰਨ ਦੇ ਕੁਝ ਪ੍ਰਬੰਧਾਂ 'ਤੇ ਰੋਕ ਲਗਾ ਦਿੱਤੀ ਹੈ। ਅਦਾਲਤ ਨੇ ਕਿਹਾ ਕਿ ਪੂਰੇ ਕਾਨੂੰਨ 'ਤੇ ਰੋਕ ਲਗਾਉਣ ਦਾ ਕੋਈ ਆਧਾਰ ਨਹੀਂ ਹੈ। ਪੰਜਾਬ: ਹੜ੍ਹ ਪ੍ਰਭਾਵਿਤ... ਸਰਕਾਰ ਵੱਲੋਂ ਰਾਹਤ ਸਮੱਗਰੀ ਵੰਡੀ ਜਾ ਰਹੀ ਹੈ ਅਤੇ ਨੁਕਸਾਨ ਦਾ ਸਰਵੇਖਣ ਕਰਵਾਇਆ ਜਾ ਰਿਹਾ ਹੈ। ਏਸ਼ੀਆ ਕੱਪ: ਭਾਰਤ ਨੇ... ਟੀਮ ਨੇ ਸ਼ਾਨਦਾਰ ਪ੍ਰਦਰਸ਼ਨ ਕਰਦਿਆਂ ਮੈਚ ਜਿੱਤ ਲਿਆ। ਸੁਰੱਖਿਆ ਦੇ ਮੱਦੇਨਜ਼ਰ... ਪੁਲਿਸ ਨੇ ਵਿਸ਼ੇਸ਼ ਨਾਕੇ ਲਗਾਏ ਹਨ ਅਤੇ ਚੈਕਿੰਗ ਵਧਾ ਦਿੱਤੀ ਹੈ।

ਦੇਹਰਾਦੂਨ: ਬੱਦਲ ਫਟਣ... ਮੌਸਮ ਵਿਭਾਗ ਨੇ ਸੂਬੇ ਦੇ ਕਈ ਜ਼ਿਲ੍ਹਿਆਂ ਵਿੱਚ ਭਾਰੀ ਮੀਂਹ ਦੀ ਚੇਤਾਵਨੀ ਜਾਰੀ ਕੀਤੀ ਹੈ। ਬਚਾਅ ਕਾਰਜ ਲਗਾਤਾਰ ਜਾਰੀ ਹਨ ਅਤੇ ਐਸਡੀਆਰਐਫ ਤੇ ਐਨਡੀਆਰਐਫ ਦੀਆਂ ਟੀਮਾਂ ਪ੍ਰਭਾਵਿਤ ਇਲਾਕਿਆਂ ਵਿੱਚ ਤਾਇਨਾਤ ਹਨ। ਮੁੱਖ ਮੰਤਰੀ ਨੇ ਹਾਲਾਤ ਦਾ ਜਾਇਜ਼ਾ ਲਿਆ ਅਤੇ ਅਧਿਕਾਰੀਆਂ ਨੂੰ ਹਰ ਸੰਭਵ ਮਦਦ ਦੇ ਨਿਰਦੇਸ਼ ਦਿੱਤੇ। ਸ਼ਿਮਲਾ: ਭਾਰੀ ਮੀਂਹ... ਸੂਬੇ ਵਿੱਚ ਕਈ ਸੜਕਾਂ ਬੰਦ ਹੋ ਗਈਆਂ ਹਨ ਅਤੇ ਬਿਜਲੀ ਤੇ ਪਾਣੀ ਦੀ ਸਪਲਾਈ ਪ੍ਰਭਾਵਿਤ ਹੋਈ ਹੈ। ਪ੍ਰਸ਼ਾਸਨ ਨੇ ਲੋਕਾਂ ਨੂੰ ਸੁਰੱਖਿਅਤ ਥਾਵਾਂ 'ਤੇ ਰਹਿਣ ਦੀ ਅਪੀਲ ਕੀਤੀ ਹੈ। ਨੇਪਾਲ: ਅੰਤਰਿਮ ਸਰਕਾਰ... ਦੇਸ਼ ਵਿੱਚ ਚੋਣਾਂ ਕਰਵਾਉਣ ਦੀ ਤਿਆਰੀ ਸ਼ੁਰੂ ਕਰ ਦਿੱਤੀ ਗਈ ਹੈ। ਸੁਪਰੀਮ ਕੋਰਟ: ਵਕਫ਼ ਕਾਨੂੰਨ... ਅਦਾਲਤ ਨੇ ਕਾਨੂੰਨ ਦੇ ਕੁਝ ਪ੍ਰਬੰਧਾਂ 'ਤੇ ਰੋਕ ਲਗਾ ਦਿੱਤੀ ਹੈ। ਅਦਾਲਤ ਨੇ ਕਿਹਾ ਕਿ ਪੂਰੇ ਕਾਨੂੰਨ 'ਤੇ ਰੋਕ ਲਗਾਉਣ ਦਾ ਕੋਈ ਆਧਾਰ ਨਹੀਂ ਹੈ। ਪੰਜਾਬ: ਹੜ੍ਹ ਪ੍ਰਭਾਵਿਤ... ਸਰਕਾਰ ਵੱਲੋਂ ਰਾਹਤ ਸਮੱਗਰੀ ਵੰਡੀ ਜਾ ਰਹੀ ਹੈ ਅਤੇ ਨੁਕਸਾਨ ਦਾ ਸਰਵੇਖਣ ਕਰਵਾਇਆ ਜਾ ਰਿਹਾ ਹੈ। ਏਸ਼ੀਆ ਕੱਪ: ਭਾਰਤ ਨੇ... ਟੀਮ ਨੇ ਸ਼ਾਨਦਾਰ ਪ੍ਰਦਰਸ਼ਨ ਕਰਦਿਆਂ ਮੈਚ ਜਿੱਤ ਲਿਆ। ਸੁਰੱਖਿਆ ਦੇ ਮੱਦੇਨਜ਼ਰ... ਪੁਲਿਸ ਨੇ ਵਿਸ਼ੇਸ਼ ਨਾਕੇ ਲਗਾਏ ਹਨ ਅਤੇ ਚੈਕਿੰਗ ਵਧਾ ਦਿੱਤੀ ਹੈ।

ਦੇਹਰਾਦੂਨ: ਬੱਦਲ ਫਟਣ... ਮੌਸਮ ਵਿਭਾਗ ਨੇ ਸੂਬੇ ਦੇ ਕਈ ਜ਼ਿਲ੍ਹਿਆਂ ਵਿੱਚ ਭਾਰੀ ਮੀਂਹ ਦੀ ਚੇਤਾਵਨੀ ਜਾਰੀ ਕੀਤੀ ਹੈ। ਬਚਾਅ ਕਾਰਜ ਲਗਾਤਾਰ ਜਾਰੀ ਹਨ ਅਤੇ ਐਸਡੀਆਰਐਫ ਤੇ ਐਨਡੀਆਰਐਫ ਦੀਆਂ ਟੀਮਾਂ ਪ੍ਰਭਾਵਿਤ ਇਲਾਕਿਆਂ ਵਿੱਚ ਤਾਇਨਾਤ ਹਨ। ਮੁੱਖ ਮੰਤਰੀ ਨੇ ਹਾਲਾਤ ਦਾ ਜਾਇਜ਼ਾ ਲਿਆ ਅਤੇ ਅਧਿਕਾਰੀਆਂ ਨੂੰ ਹਰ ਸੰਭਵ ਮਦਦ ਦੇ ਨਿਰਦੇਸ਼ ਦਿੱਤੇ। ਸ਼ਿਮਲਾ: ਭਾਰੀ ਮੀਂਹ... ਸੂਬੇ ਵਿੱਚ ਕਈ ਸੜਕਾਂ ਬੰਦ ਹੋ ਗਈਆਂ ਹਨ ਅਤੇ ਬਿਜਲੀ ਤੇ ਪਾਣੀ ਦੀ ਸਪਲਾਈ ਪ੍ਰਭਾਵਿਤ ਹੋਈ ਹੈ। ਪ੍ਰਸ਼ਾਸਨ ਨੇ ਲੋਕਾਂ ਨੂੰ ਸੁਰੱਖਿਅਤ ਥਾਵਾਂ 'ਤੇ ਰਹਿਣ ਦੀ ਅਪੀਲ ਕੀਤੀ ਹੈ। ਨੇਪਾਲ: ਅੰਤਰਿਮ ਸਰਕਾਰ... ਦੇਸ਼ ਵਿੱਚ ਚੋਣਾਂ ਕਰਵਾਉਣ ਦੀ ਤਿਆਰੀ ਸ਼ੁਰੂ ਕਰ ਦਿੱਤੀ ਗਈ ਹੈ। ਸੁਪਰੀਮ ਕੋਰਟ: ਵਕਫ਼ ਕਾਨੂੰਨ... ਅਦਾਲਤ ਨੇ ਕਾਨੂੰਨ ਦੇ ਕੁਝ ਪ੍ਰਬੰਧਾਂ 'ਤੇ ਰੋਕ ਲਗਾ ਦਿੱਤੀ ਹੈ। ਅਦਾਲਤ ਨੇ ਕਿਹਾ ਕਿ ਪੂਰੇ ਕਾਨੂੰਨ 'ਤੇ ਰੋਕ ਲਗਾਉਣ ਦਾ ਕੋਈ ਆਧਾਰ ਨਹੀਂ ਹੈ। ਪੰਜਾਬ: ਹੜ੍ਹ ਪ੍ਰਭਾਵਿਤ... ਸਰਕਾਰ ਵੱਲੋਂ ਰਾਹਤ ਸਮੱਗਰੀ ਵੰਡੀ ਜਾ ਰਹੀ ਹੈ ਅਤੇ ਨੁਕਸਾਨ ਦਾ ਸਰਵੇਖਣ ਕਰਵਾਇਆ ਜਾ ਰਿਹਾ ਹੈ। ਏਸ਼ੀਆ ਕੱਪ: ਭਾਰਤ ਨੇ... ਟੀਮ ਨੇ ਸ਼ਾਨਦਾਰ ਪ੍ਰਦਰਸ਼ਨ ਕਰਦਿਆਂ ਮੈਚ ਜਿੱਤ ਲਿਆ। ਸੁਰੱਖਿਆ ਦੇ ਮੱਦੇਨਜ਼ਰ... ਪੁਲਿਸ ਨੇ ਵਿਸ਼ੇਸ਼ ਨਾਕੇ ਲਗਾਏ ਹਨ ਅਤੇ ਚੈਕਿੰਗ ਵਧਾ ਦਿੱਤੀ ਹੈ।

ਦੇਹਰਾਦੂਨ: ਬੱਦਲ ਫਟਣ... ਮੌਸਮ ਵਿਭਾਗ ਨੇ ਸੂਬੇ ਦੇ ਕਈ ਜ਼ਿਲ੍ਹਿਆਂ ਵਿੱਚ ਭਾਰੀ ਮੀਂਹ ਦੀ ਚੇਤਾਵਨੀ ਜਾਰੀ ਕੀਤੀ ਹੈ। ਬਚਾਅ ਕਾਰਜ ਲਗਾਤਾਰ ਜਾਰੀ ਹਨ ਅਤੇ ਐਸਡੀਆਰਐਫ ਤੇ ਐਨਡੀਆਰਐਫ ਦੀਆਂ ਟੀਮਾਂ ਪ੍ਰਭਾਵਿਤ ਇਲਾਕਿਆਂ ਵਿੱਚ ਤਾਇਨਾਤ ਹਨ। ਮੁੱਖ ਮੰਤਰੀ ਨੇ ਹਾਲਾਤ ਦਾ ਜਾਇਜ਼ਾ ਲਿਆ ਅਤੇ ਅਧਿਕਾਰੀਆਂ ਨੂੰ ਹਰ ਸੰਭਵ ਮਦਦ ਦੇ ਨਿਰਦੇਸ਼ ਦਿੱਤੇ। ਸ਼ਿਮਲਾ: ਭਾਰੀ ਮੀਂਹ... ਸੂਬੇ ਵਿੱਚ ਕਈ ਸੜਕਾਂ ਬੰਦ ਹੋ ਗਈਆਂ ਹਨ ਅਤੇ ਬਿਜਲੀ ਤੇ ਪਾਣੀ ਦੀ ਸਪਲਾਈ ਪ੍ਰਭਾਵਿਤ ਹੋਈ ਹੈ। ਪ੍ਰਸ਼ਾਸਨ ਨੇ ਲੋਕਾਂ ਨੂੰ ਸੁਰੱਖਿਅਤ ਥਾਵਾਂ 'ਤੇ ਰਹਿਣ ਦੀ ਅਪੀਲ ਕੀਤੀ ਹੈ। ਨੇਪਾਲ: ਅੰਤਰਿਮ ਸਰਕਾਰ... ਦੇਸ਼ ਵਿੱਚ ਚੋਣਾਂ ਕਰਵਾਉਣ ਦੀ ਤਿਆਰੀ ਸ਼ੁਰੂ ਕਰ ਦਿੱਤੀ ਗਈ ਹੈ। ਸੁਪਰੀਮ ਕੋਰਟ: ਵਕਫ਼ ਕਾਨੂੰਨ... ਅਦਾਲਤ ਨੇ ਕਾਨੂੰਨ ਦੇ ਕੁਝ ਪ੍ਰਬੰਧਾਂ 'ਤੇ ਰੋਕ ਲਗਾ ਦਿੱਤੀ ਹੈ। ਅਦਾਲਤ ਨੇ ਕਿਹਾ ਕਿ ਪੂਰੇ ਕਾਨੂੰਨ 'ਤੇ ਰੋਕ ਲਗਾਉਣ ਦਾ ਕੋਈ ਆਧਾਰ ਨਹੀਂ ਹੈ। ਪੰਜਾਬ: ਹੜ੍ਹ ਪ੍ਰਭਾਵਿਤ... ਸਰਕਾਰ ਵੱਲੋਂ ਰਾਹਤ ਸਮੱਗਰੀ ਵੰਡੀ ਜਾ ਰਹੀ ਹੈ ਅਤੇ ਨੁਕਸਾਨ ਦਾ ਸਰਵੇਖਣ ਕਰਵਾਇਆ ਜਾ ਰਿਹਾ ਹੈ। ਏਸ਼ੀਆ ਕੱਪ: ਭਾਰਤ ਨੇ... ਟੀਮ ਨੇ ਸ਼ਾਨਦਾਰ ਪ੍ਰਦਰਸ਼ਨ ਕਰਦਿਆਂ ਮੈਚ ਜਿੱਤ ਲਿਆ। ਸੁਰੱਖਿਆ ਦੇ ਮੱਦੇਨਜ਼ਰ... ਪੁਲਿਸ ਨੇ ਵਿਸ਼ੇਸ਼ ਨਾਕੇ ਲਗਾਏ ਹਨ ਅਤੇ ਚੈਕਿੰਗ ਵਧਾ ਦਿੱਤੀ ਹੈ।

ਸੰਪਾਦਕ-ਦਵਿੰਦਰ ਕੁਮਾਰ ਨੇ ਪ੍ਰਿੰਟ, ਇੰਪ੍ਰੈਸ਼ਨ ਪ੍ਰਿੰਟਿੰਗ ਐਂਡ ਪੈਕਿੰਗ ਲਿਮਿਟਿਡ, ਪਲਾਟ 22 ਅਤੇ 49 ਜੀਐਫ, ਇੰਡਸਟ੍ਰੀਅਲ ਏਰੀਆ, ਫੇਜ਼-2 ਪੰਚਕੂਲਾ (ਹਰਿਆਣਾ) ਤੋਂ ਪ੍ਰਕਾਸ਼ਿਤ Title code : CHAMUL00914
Editor-Davinder Kumar printed at Impression Printing & Packaging Ltd.Plot 22 & 49GF, Industrial Area, Phase-2 Panchkula(Haryana)-134115
